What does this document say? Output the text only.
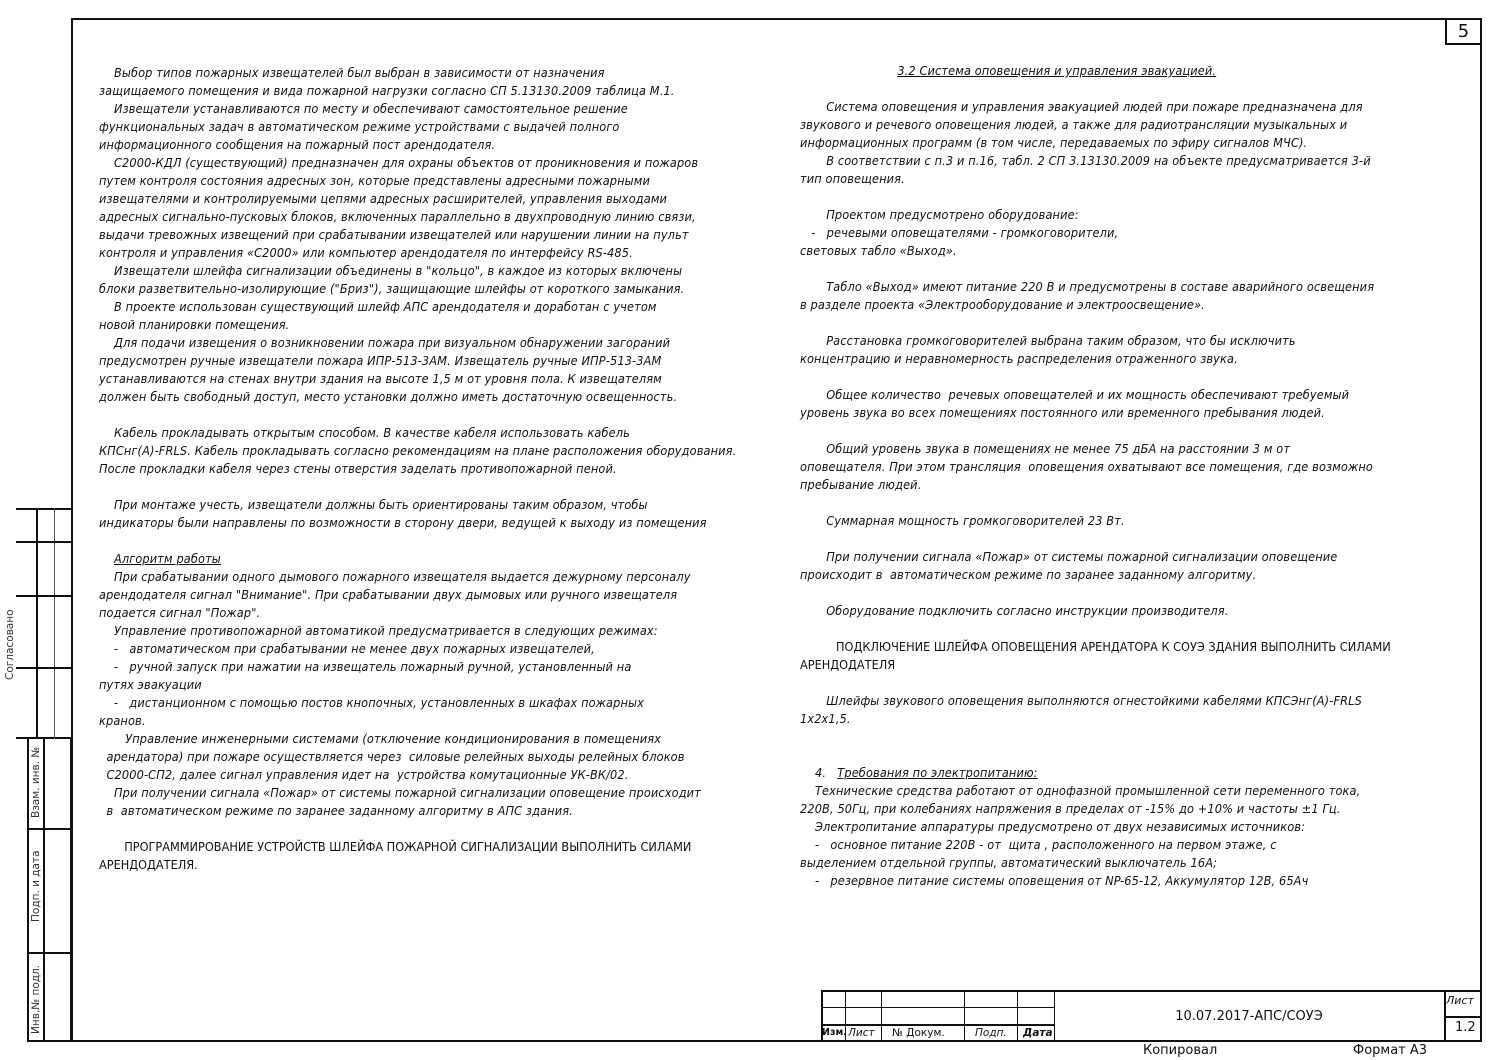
5

Выбор типов пожарных извещателей был выбран в зависимости от назначения

защищаемого помещения и вида пожарной нагрузки согласно СП 5.13130.2009 таблица М.1.

Извещатели устанавливаются по месту и обеспечивают самостоятельное решение

функциональных задач в автоматическом режиме устройствами с выдачей полного

информационного сообщения на пожарный пост арендодателя.

С2000-КДЛ (существующий) предназначен для охраны объектов от проникновения и пожаров

путем контроля состояния адресных зон, которые представлены адресными пожарными

извещателями и контролируемыми цепями адресных расширителей, управления выходами

адресных сигнально-пусковых блоков, включенных параллельно в двухпроводную линию связи,

выдачи тревожных извещений при срабатывании извещателей или нарушении линии на пульт

контроля и управления «С2000» или компьютер арендодателя по интерфейсу RS-485.

Извещатели шлейфа сигнализации объединены в "кольцо", в каждое из которых включены

блоки разветвительно-изолирующие ("Бриз"), защищающие шлейфы от короткого замыкания.

В проекте использован существующий шлейф АПС арендодателя и доработан с учетом

новой планировки помещения.

Для подачи извещения о возникновении пожара при визуальном обнаружении загораний

предусмотрен ручные извещатели пожара ИПР-513-3АМ. Извещатель ручные ИПР-513-3АМ

устанавливаются на стенах внутри здания на высоте 1,5 м от уровня пола. К извещателям

должен быть свободный доступ, место установки должно иметь достаточную освещенность.

Кабель прокладывать открытым способом. В качестве кабеля использовать кабель

КПСнг(А)-FRLS. Кабель прокладывать согласно рекомендациям на плане расположения оборудования.

После прокладки кабеля через стены отверстия заделать противопожарной пеной.

При монтаже учесть, извещатели должны быть ориентированы таким образом, чтобы

индикаторы были направлены по возможности в сторону двери, ведущей к выходу из помещения

Алгоритм работы

При срабатывании одного дымового пожарного извещателя выдается дежурному персоналу

арендодателя сигнал "Внимание". При срабатывании двух дымовых или ручного извещателя

подается сигнал "Пожар".

Управление противопожарной автоматикой предусматривается в следующих режимах:

-   автоматическом при срабатывании не менее двух пожарных извещателей,

-   ручной запуск при нажатии на извещатель пожарный ручной, установленный на

путях эвакуации

-   дистанционном с помощью постов кнопочных, установленных в шкафах пожарных

кранов.

Управление инженерными системами (отключение кондиционирования в помещениях

арендатора) при пожаре осуществляется через  силовые релейных выходы релейных блоков

С2000-СП2, далее сигнал управления идет на  устройства комутационные УК-ВК/02.

При получении сигнала «Пожар» от системы пожарной сигнализации оповещение происходит

в  автоматическом режиме по заранее заданному алгоритму в АПС здания.

ПРОГРАММИРОВАНИЕ УСТРОЙСТВ ШЛЕЙФА ПОЖАРНОЙ СИГНАЛИЗАЦИИ ВЫПОЛНИТЬ СИЛАМИ

АРЕНДОДАТЕЛЯ.

3.2 Система оповещения и управления эвакуацией.

Система оповещения и управления эвакуацией людей при пожаре предназначена для

звукового и речевого оповещения людей, а также для радиотрансляции музыкальных и

информационных программ (в том числе, передаваемых по эфиру сигналов МЧС).

В соответствии с п.3 и п.16, табл. 2 СП 3.13130.2009 на объекте предусматривается 3-й

тип оповещения.

Проектом предусмотрено оборудование:

-   речевыми оповещателями - громкоговорители,

световых табло «Выход».

Табло «Выход» имеют питание 220 В и предусмотрены в составе аварийного освещения

в разделе проекта «Электрооборудование и электроосвещение».

Расстановка громкоговорителей выбрана таким образом, что бы исключить

концентрацию и неравномерность распределения отраженного звука.

Общее количество  речевых оповещателей и их мощность обеспечивают требуемый

уровень звука во всех помещениях постоянного или временного пребывания людей.

Общий уровень звука в помещениях не менее 75 дБА на расстоянии 3 м от

оповещателя. При этом трансляция  оповещения охватывают все помещения, где возможно

пребывание людей.

Суммарная мощность громкоговорителей 23 Вт.

При получении сигнала «Пожар» от системы пожарной сигнализации оповещение

происходит в  автоматическом режиме по заранее заданному алгоритму.

Оборудование подключить согласно инструкции производителя.

ПОДКЛЮЧЕНИЕ ШЛЕЙФА ОПОВЕЩЕНИЯ АРЕНДАТОРА К СОУЭ ЗДАНИЯ ВЫПОЛНИТЬ СИЛАМИ

АРЕНДОДАТЕЛЯ

Шлейфы звукового оповещения выполняются огнестойкими кабелями КПСЭнг(А)-FRLS

1х2х1,5.

4.   Требования по электропитанию:

Технические средства работают от однофазной промышленной сети переменного тока,

220В, 50Гц, при колебаниях напряжения в пределах от -15% до +10% и частоты ±1 Гц.

Электропитание аппаратуры предусмотрено от двух независимых источников:

-   основное питание 220В - от  щита , расположенного на первом этаже, с

выделением отдельной группы, автоматический выключатель 16А;

-   резервное питание системы оповещения от NP-65-12, Аккумулятор 12В, 65Ач

Согласовано
Взам. инв. №
Подп. и дата
Инв.№ подл.	Изм. Лист № Докум.	Подп. Дата
10.07.2017-АПС/СОУЭ
Лист
1.2
Копировал	Формат А3
